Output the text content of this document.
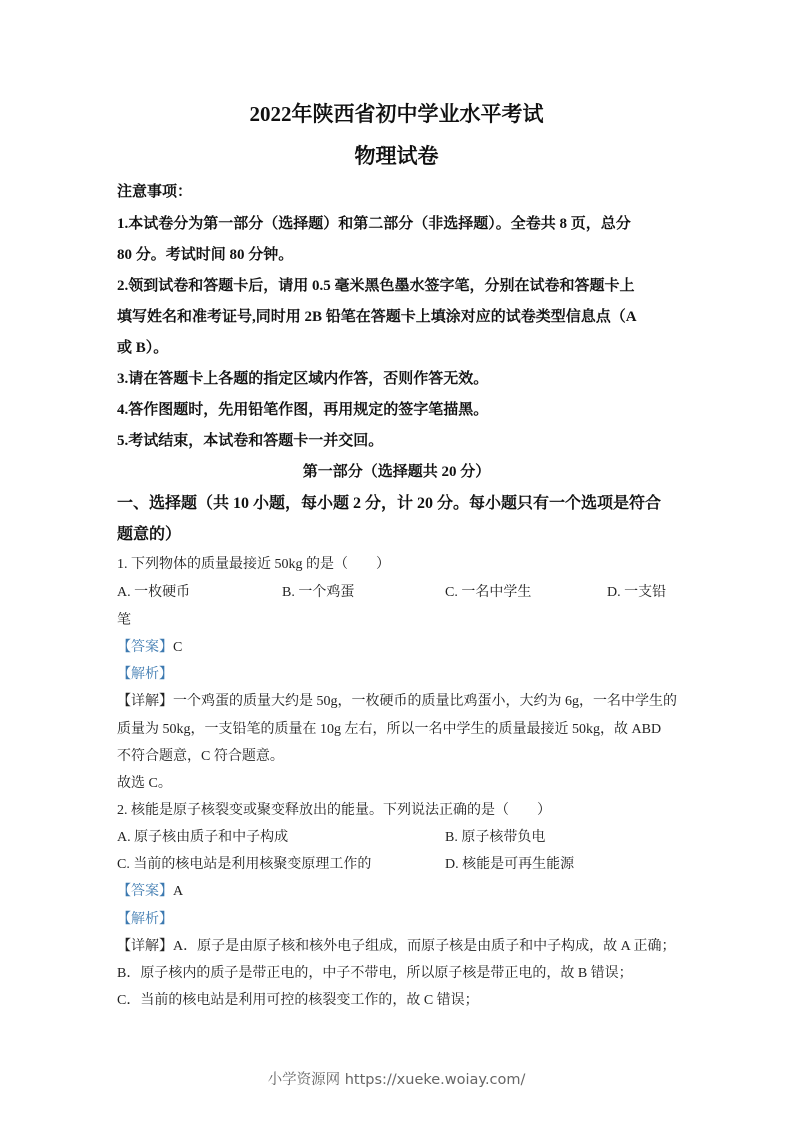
2022年陕西省初中学业水平考试
物理试卷
注意事项：
1.本试卷分为第一部分（选择题）和第二部分（非选择题）。全卷共 8 页，总分
80 分。考试时间 80 分钟。
2.领到试卷和答题卡后，请用 0.5 毫米黑色墨水签字笔，分别在试卷和答题卡上
填写姓名和准考证号,同时用 2B 铅笔在答题卡上填涂对应的试卷类型信息点（A
或 B）。
3.请在答题卡上各题的指定区域内作答，否则作答无效。
4.答作图题时，先用铅笔作图，再用规定的签字笔描黑。
5.考试结束，本试卷和答题卡一并交回。
第一部分（选择题共 20 分）
一、选择题（共 10 小题，每小题 2 分，计 20 分。每小题只有一个选项是符合
题意的）
1. 下列物体的质量最接近 50kg 的是（　　）
A. 一枚硬币	B. 一个鸡蛋	C. 一名中学生	D. 一支铅
笔
【答案】C
【解析】
【详解】一个鸡蛋的质量大约是 50g，一枚硬币的质量比鸡蛋小，大约为 6g，一名中学生的
质量为 50kg，一支铅笔的质量在 10g 左右，所以一名中学生的质量最接近 50kg，故 ABD
不符合题意，C 符合题意。
故选 C。
2. 核能是原子核裂变或聚变释放出的能量。下列说法正确的是（　　）
A. 原子核由质子和中子构成	B. 原子核带负电
C. 当前的核电站是利用核聚变原理工作的	D. 核能是可再生能源
【答案】A
【解析】
【详解】A．原子是由原子核和核外电子组成，而原子核是由质子和中子构成，故 A 正确；
B．原子核内的质子是带正电的，中子不带电，所以原子核是带正电的，故 B 错误；
C．当前的核电站是利用可控的核裂变工作的，故 C 错误；
小学资源网 https://xueke.woiay.com/
